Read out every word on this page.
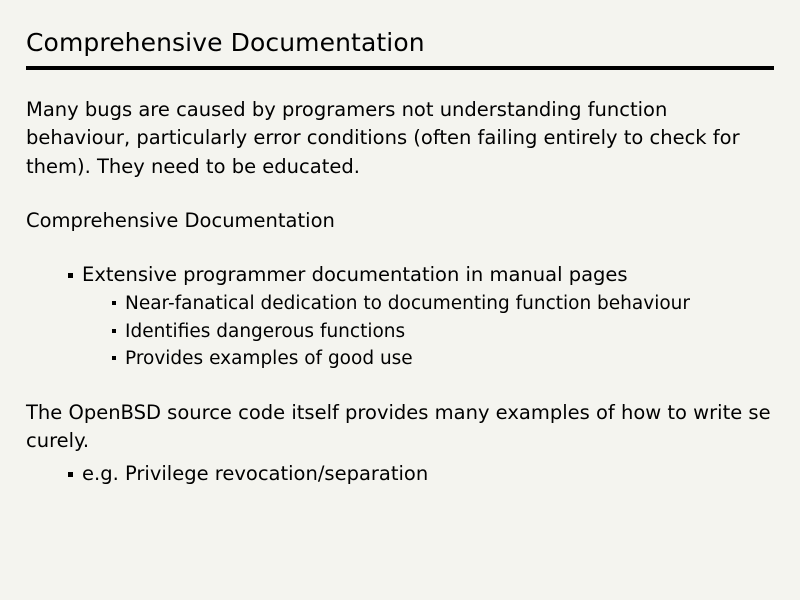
Comprehensive Documentation

Many bugs are caused by programers not understanding function behaviour, particularly error conditions (often failing entirely to check for them). They need to be educated.

Comprehensive Documentation

Extensive programmer documentation in manual pages
Near-fanatical dedication to documenting function behaviour
Identifies dangerous functions
Provides examples of good use

The OpenBSD source code itself provides many examples of how to write se curely.

e.g. Privilege revocation/separation
